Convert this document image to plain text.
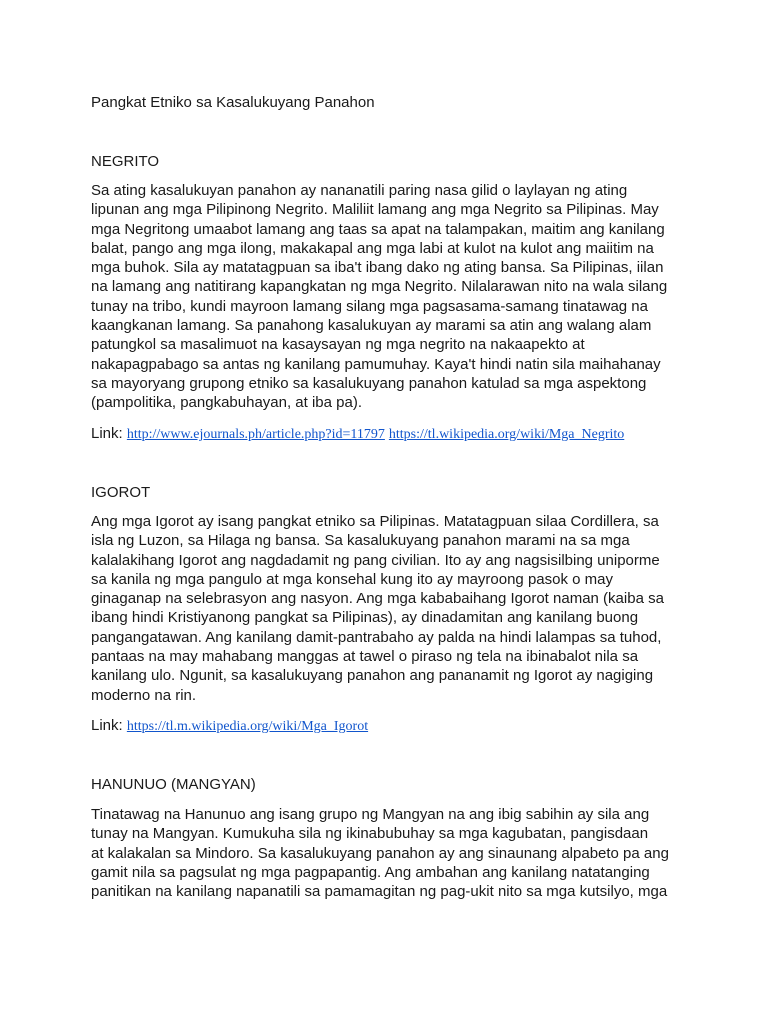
Pangkat Etniko sa Kasalukuyang Panahon
NEGRITO

Sa ating kasalukuyan panahon ay nananatili paring nasa gilid o laylayan ng ating
lipunan ang mga Pilipinong Negrito. Maliliit lamang ang mga Negrito sa Pilipinas. May
mga Negritong umaabot lamang ang taas sa apat na talampakan, maitim ang kanilang
balat, pango ang mga ilong, makakapal ang mga labi at kulot na kulot ang maiitim na
mga buhok. Sila ay matatagpuan sa iba't ibang dako ng ating bansa. Sa Pilipinas, iilan
na lamang ang natitirang kapangkatan ng mga Negrito. Nilalarawan nito na wala silang
tunay na tribo, kundi mayroon lamang silang mga pagsasama-samang tinatawag na
kaangkanan lamang. Sa panahong kasalukuyan ay marami sa atin ang walang alam
patungkol sa masalimuot na kasaysayan ng mga negrito na nakaapekto at
nakapagpabago sa antas ng kanilang pamumuhay. Kaya't hindi natin sila maihahanay
sa mayoryang grupong etniko sa kasalukuyang panahon katulad sa mga aspektong
(pampolitika, pangkabuhayan, at iba pa).

Link: http://www.ejournals.ph/article.php?id=11797 https://tl.wikipedia.org/wiki/Mga_Negrito
IGOROT

Ang mga Igorot ay isang pangkat etniko sa Pilipinas. Matatagpuan silaa Cordillera, sa
isla ng Luzon, sa Hilaga ng bansa. Sa kasalukuyang panahon marami na sa mga
kalalakihang Igorot ang nagdadamit ng pang civilian. Ito ay ang nagsisilbing uniporme
sa kanila ng mga pangulo at mga konsehal kung ito ay mayroong pasok o may
ginaganap na selebrasyon ang nasyon. Ang mga kababaihang Igorot naman (kaiba sa
ibang hindi Kristiyanong pangkat sa Pilipinas), ay dinadamitan ang kanilang buong
pangangatawan. Ang kanilang damit-pantrabaho ay palda na hindi lalampas sa tuhod,
pantaas na may mahabang manggas at tawel o piraso ng tela na ibinabalot nila sa
kanilang ulo. Ngunit, sa kasalukuyang panahon ang pananamit ng Igorot ay nagiging
moderno na rin.

Link: https://tl.m.wikipedia.org/wiki/Mga_Igorot
HANUNUO (MANGYAN)

Tinatawag na Hanunuo ang isang grupo ng Mangyan na ang ibig sabihin ay sila ang
tunay na Mangyan. Kumukuha sila ng ikinabubuhay sa mga kagubatan, pangisdaan
at kalakalan sa Mindoro. Sa kasalukuyang panahon ay ang sinaunang alpabeto pa ang
gamit nila sa pagsulat ng mga pagpapantig. Ang ambahan ang kanilang natatanging
panitikan na kanilang napanatili sa pamamagitan ng pag-ukit nito sa mga kutsilyo, mga
